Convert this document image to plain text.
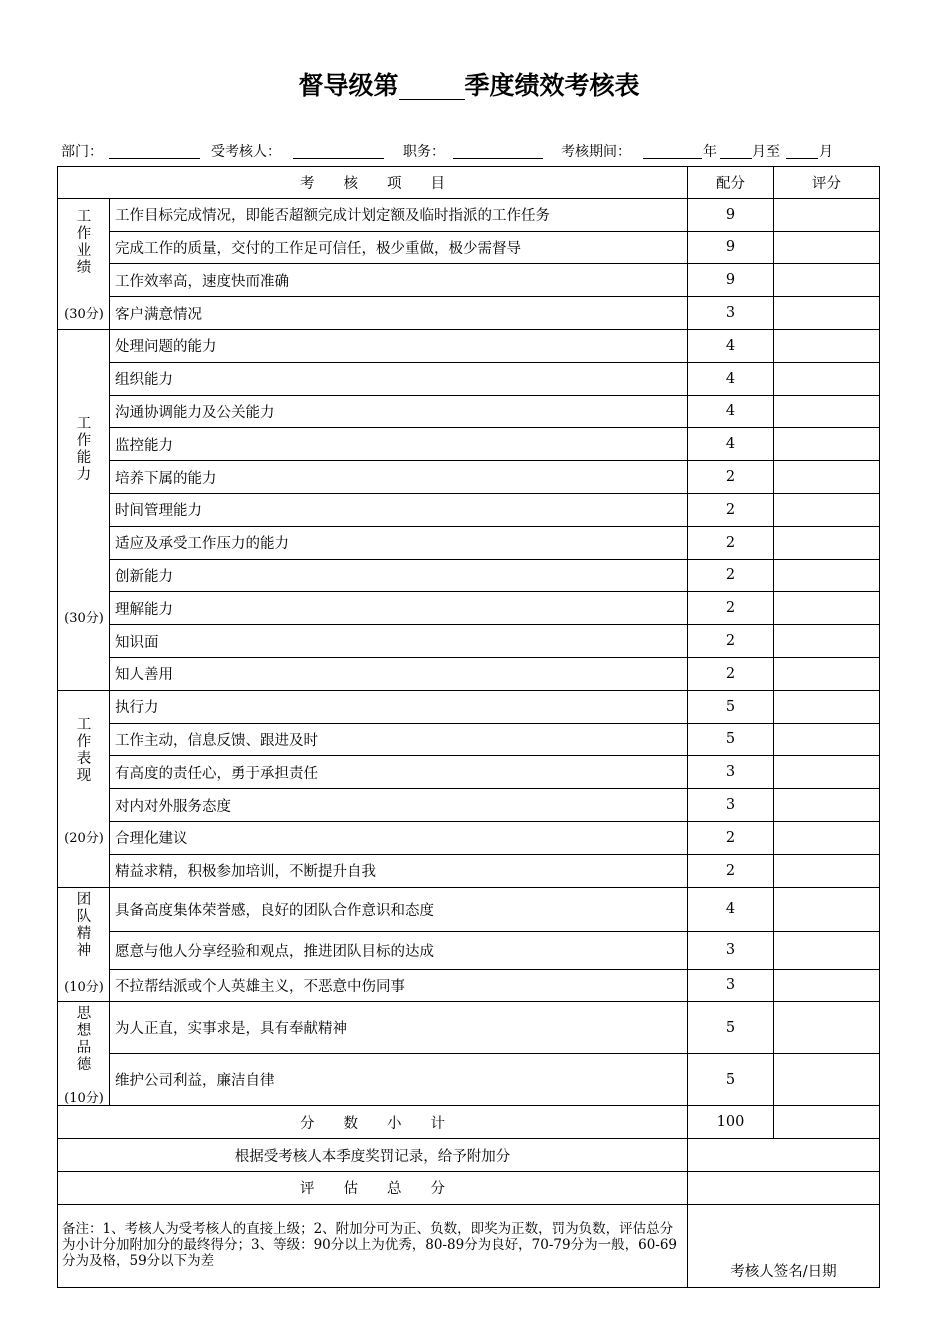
督导级第	季度绩效考核表
部门：	受考核人：	职务：	考核期间：	年	月至	月
考　　核　　项　　目		配分	评分

工
作
业
绩
(30分)	工作目标完成情况，即能否超额完成计划定额及临时指派的工作任务	9	
	完成工作的质量，交付的工作足可信任，极少重做，极少需督导	9	
	工作效率高，速度快而准确	9	
	客户满意情况	3	

工
作
能
力
(30分)	处理问题的能力	4	
	组织能力	4	
	沟通协调能力及公关能力	4	
	监控能力	4	
	培养下属的能力	2	
	时间管理能力	2	
	适应及承受工作压力的能力	2	
	创新能力	2	
	理解能力	2	
	知识面	2	
	知人善用	2	

工
作
表
现
(20分)	执行力	5	
	工作主动，信息反馈、跟进及时	5	
	有高度的责任心，勇于承担责任	3	
	对内对外服务态度	3	
	合理化建议	2	
	精益求精，积极参加培训，不断提升自我	2	

团
队
精
神
(10分)	具备高度集体荣誉感，良好的团队合作意识和态度	4	
	愿意与他人分享经验和观点，推进团队目标的达成	3	
	不拉帮结派或个人英雄主义，不恶意中伤同事	3	

思
想
品
德
(10分)	为人正直，实事求是，具有奉献精神	5	
	维护公司利益，廉洁自律	5	
分　　数　　小　　计		100	
根据受考核人本季度奖罚记录，给予附加分			
评　　估　　总　　分			
备注：1、考核人为受考核人的直接上级；2、附加分可为正、负数，即奖为正数，罚为负数，评估总分为小计分加附加分的最终得分；3、等级：90分以上为优秀，80-89分为良好，70-79分为一般，60-69分为及格，59分以下为差		考核人签名/日期	
